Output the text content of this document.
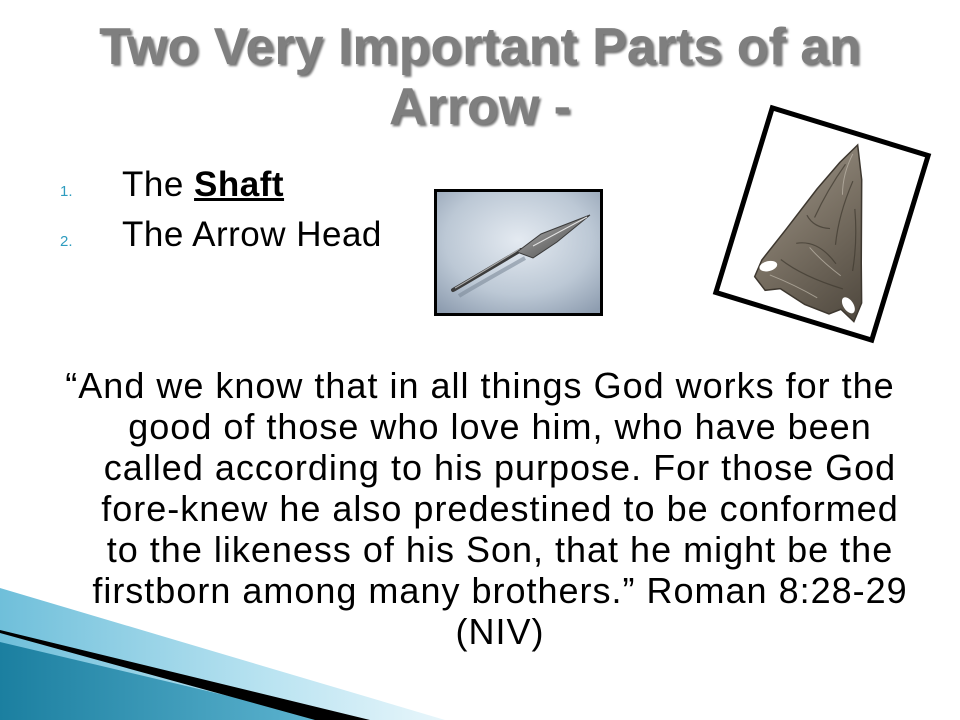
Two Very Important Parts of an
Arrow -
1.	The Shaft
2.	The Arrow Head
“And we know that in all things God works for the
good of those who love him, who have been
called according to his purpose. For those God
fore-knew he also predestined to be conformed
to the likeness of his Son, that he might be the
firstborn among many brothers.” Roman 8:28-29
(NIV)
